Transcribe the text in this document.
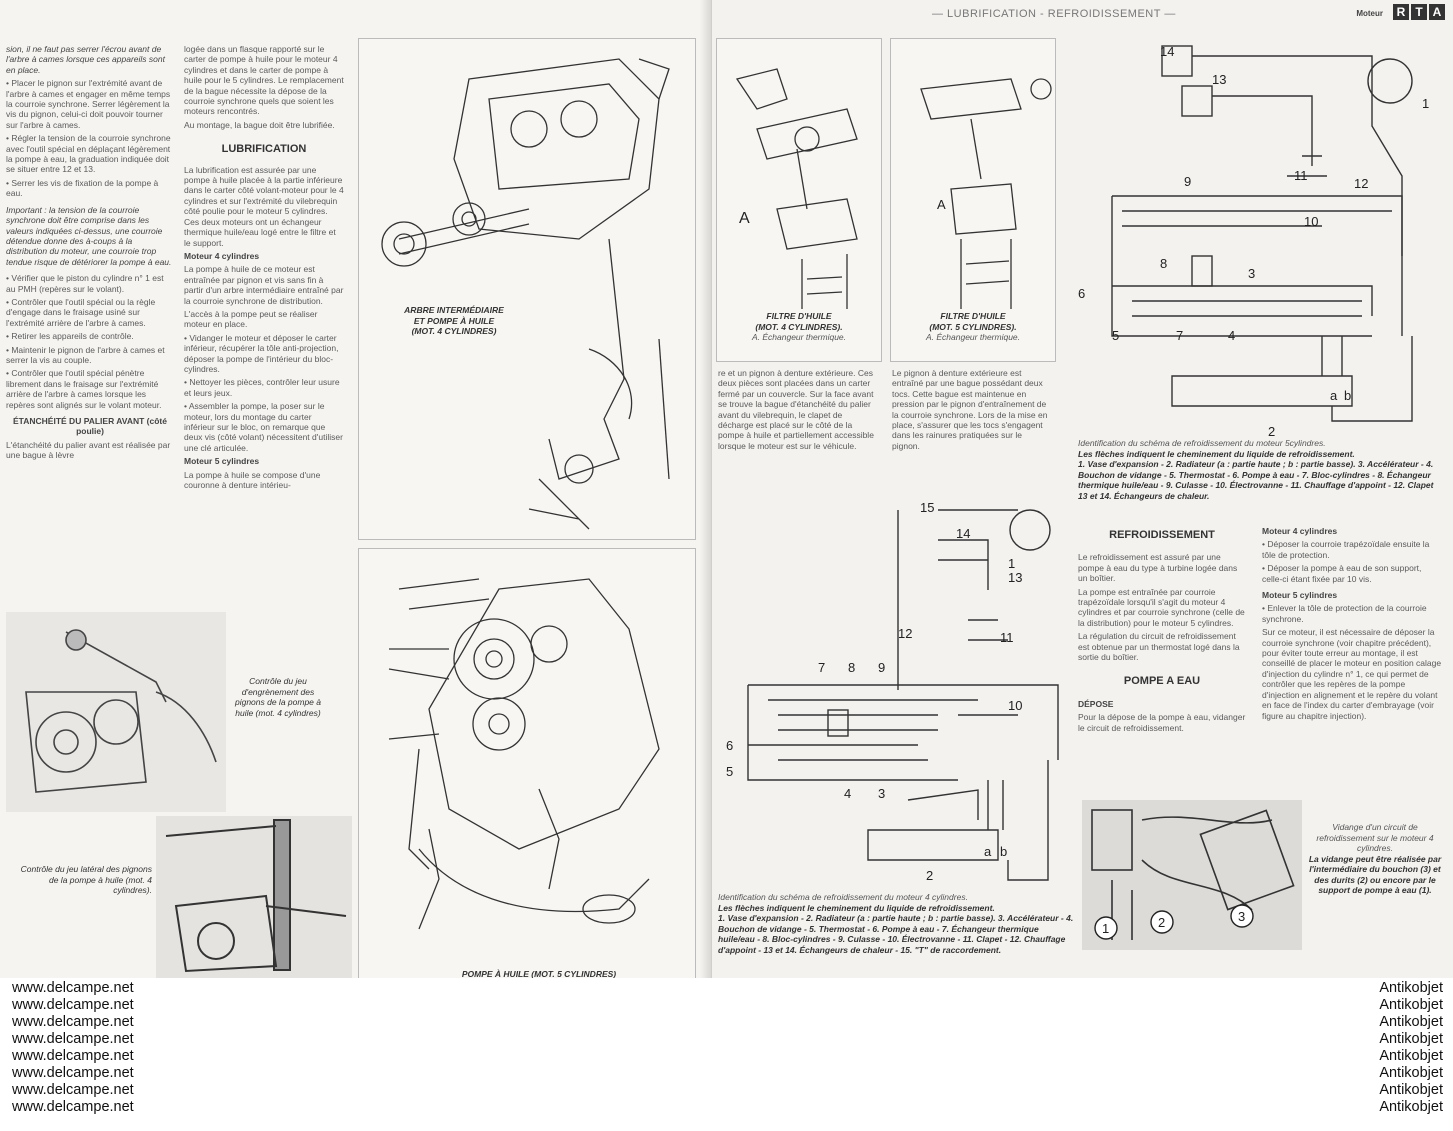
sion, il ne faut pas serrer l'écrou avant de l'arbre à cames lorsque ces appareils sont en place.

• Placer le pignon sur l'extrémité avant de l'arbre à cames et engager en même temps la courroie synchrone. Serrer légèrement la vis du pignon, celui-ci doit pouvoir tourner sur l'arbre à cames.

• Régler la tension de la courroie synchrone avec l'outil spécial en déplaçant légèrement la pompe à eau, la graduation indiquée doit se situer entre 12 et 13.

• Serrer les vis de fixation de la pompe à eau.

Important : la tension de la courroie synchrone doit être comprise dans les valeurs indiquées ci-dessus, une courroie détendue donne des à-coups à la distribution du moteur, une courroie trop tendue risque de détériorer la pompe à eau.

• Vérifier que le piston du cylindre n° 1 est au PMH (repères sur le volant).

• Contrôler que l'outil spécial ou la règle d'engage dans le fraisage usiné sur l'extrémité arrière de l'arbre à cames.

• Retirer les appareils de contrôle.

• Maintenir le pignon de l'arbre à cames et serrer la vis au couple.

• Contrôler que l'outil spécial pénètre librement dans le fraisage sur l'extrémité arrière de l'arbre à cames lorsque les repères sont alignés sur le volant moteur.

ÉTANCHÉITÉ DU PALIER AVANT (côté poulie)

L'étanchéité du palier avant est réalisée par une bague à lèvre

logée dans un flasque rapporté sur le carter de pompe à huile pour le moteur 4 cylindres et dans le carter de pompe à huile pour le 5 cylindres. Le remplacement de la bague nécessite la dépose de la courroie synchrone quels que soient les moteurs rencontrés.

Au montage, la bague doit être lubrifiée.

LUBRIFICATION

La lubrification est assurée par une pompe à huile placée à la partie inférieure dans le carter côté volant-moteur pour le 4 cylindres et sur l'extrémité du vilebrequin côté poulie pour le moteur 5 cylindres. Ces deux moteurs ont un échangeur thermique huile/eau logé entre le filtre et le support.

Moteur 4 cylindres

La pompe à huile de ce moteur est entraînée par pignon et vis sans fin à partir d'un arbre intermédiaire entraîné par la courroie synchrone de distribution.

L'accès à la pompe peut se réaliser moteur en place.

• Vidanger le moteur et déposer le carter inférieur, récupérer la tôle anti-projection, déposer la pompe de l'intérieur du bloc-cylindres.

• Nettoyer les pièces, contrôler leur usure et leurs jeux.

• Assembler la pompe, la poser sur le moteur, lors du montage du carter inférieur sur le bloc, on remarque que deux vis (côté volant) nécessitent d'utiliser une clé articulée.

Moteur 5 cylindres

La pompe à huile se compose d'une couronne à denture intérieu-

ARBRE INTERMÉDIAIRE
ET POMPE À HUILE
(MOT. 4 CYLINDRES)
POMPE À HUILE (MOT. 5 CYLINDRES)
Contrôle du jeu d'engrènement des pignons de la pompe à huile (mot. 4 cylindres)
Contrôle du jeu latéral des pignons de la pompe à huile (mot. 4 cylindres).
— LUBRIFICATION - REFROIDISSEMENT —	Moteur	R T A
A
FILTRE D'HUILE
(MOT. 4 CYLINDRES).
A. Échangeur thermique.
A
FILTRE D'HUILE
(MOT. 5 CYLINDRES).
A. Échangeur thermique.
re et un pignon à denture extérieure. Ces deux pièces sont placées dans un carter fermé par un couvercle. Sur la face avant se trouve la bague d'étanchéité du palier avant du vilebrequin, le clapet de décharge est placé sur le côté de la pompe à huile et partiellement accessible lorsque le moteur est sur le véhicule.
Le pignon à denture extérieure est entraîné par une bague possédant deux tocs. Cette bague est maintenue en pression par le pignon d'entraînement de la courroie synchrone. Lors de la mise en place, s'assurer que les tocs s'engagent dans les rainures pratiquées sur le pignon.
14
13
1
11
12
9
10
8
3
6
5	7	4
2
a b
Identification du schéma de refroidissement du moteur 5cylindres.
Les flèches indiquent le cheminement du liquide de refroidissement.
1. Vase d'expansion - 2. Radiateur (a : partie haute ; b : partie basse). 3. Accélérateur - 4. Bouchon de vidange - 5. Thermostat - 6. Pompe à eau - 7. Bloc-cylindres - 8. Échangeur thermique huile/eau - 9. Culasse - 10. Électrovanne - 11. Chauffage d'appoint - 12. Clapet 13 et 14. Échangeurs de chaleur.
15
14
1
13
12	11
7 8 9
10
6
5
4 3
2
a b
Identification du schéma de refroidissement du moteur 4 cylindres.
Les flèches indiquent le cheminement du liquide de refroidissement.
1. Vase d'expansion - 2. Radiateur (a : partie haute ; b : partie basse). 3. Accélérateur - 4. Bouchon de vidange - 5. Thermostat - 6. Pompe à eau - 7. Échangeur thermique huile/eau - 8. Bloc-cylindres - 9. Culasse - 10. Électrovanne - 11. Clapet - 12. Chauffage d'appoint - 13 et 14. Échangeurs de chaleur - 15. "T" de raccordement.

REFROIDISSEMENT

Le refroidissement est assuré par une pompe à eau du type à turbine logée dans un boîtier.

La pompe est entraînée par courroie trapézoïdale lorsqu'il s'agit du moteur 4 cylindres et par courroie synchrone (celle de la distribution) pour le moteur 5 cylindres.

La régulation du circuit de refroidissement est obtenue par un thermostat logé dans la sortie du boîtier.

POMPE A EAU

DÉPOSE

Pour la dépose de la pompe à eau, vidanger le circuit de refroidissement.

Moteur 4 cylindres

• Déposer la courroie trapézoïdale ensuite la tôle de protection.

• Déposer la pompe à eau de son support, celle-ci étant fixée par 10 vis.

Moteur 5 cylindres

• Enlever la tôle de protection de la courroie synchrone.

Sur ce moteur, il est nécessaire de déposer la courroie synchrone (voir chapitre précédent), pour éviter toute erreur au montage, il est conseillé de placer le moteur en position calage d'injection du cylindre n° 1, ce qui permet de contrôler que les repères de la pompe d'injection en alignement et le repère du volant en face de l'index du carter d'embrayage (voir figure au chapitre injection).

1	2	3
Vidange d'un circuit de refroidissement sur le moteur 4 cylindres.
La vidange peut être réalisée par l'intermédiaire du bouchon (3) et des durits (2) ou encore par le support de pompe à eau (1).
www.delcampe.net
www.delcampe.net
www.delcampe.net
www.delcampe.net
www.delcampe.net
www.delcampe.net
www.delcampe.net
www.delcampe.net
Antikobjet
Antikobjet
Antikobjet
Antikobjet
Antikobjet
Antikobjet
Antikobjet
Antikobjet
